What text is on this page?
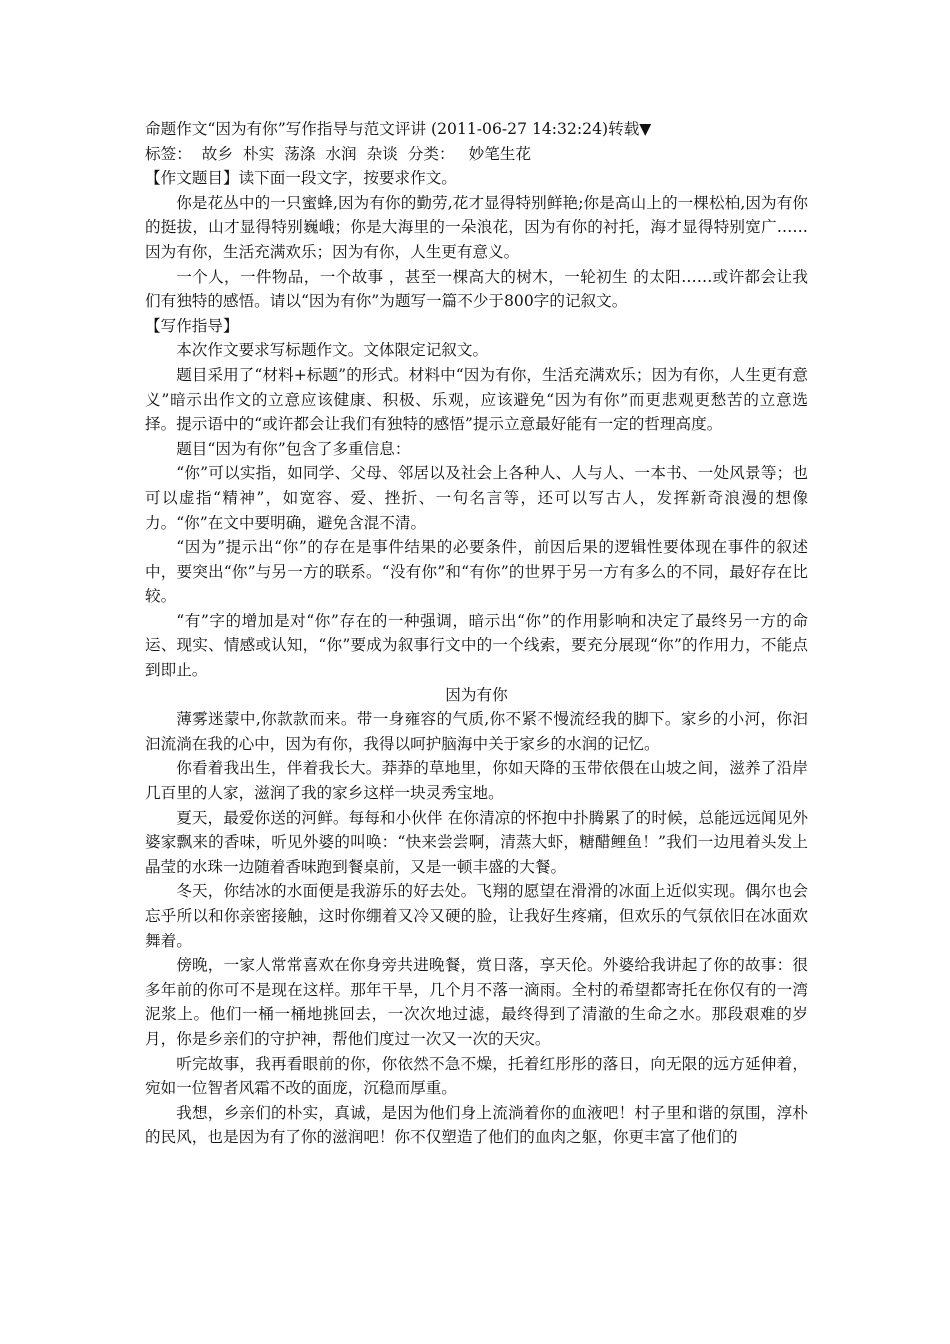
命题作文“因为有你”写作指导与范文评讲 (2011-06-27 14:32:24)转载▼

标签： 故乡 朴实 荡涤 水润 杂谈 分类： 妙笔生花

【作文题目】读下面一段文字，按要求作文。

你是花丛中的一只蜜蜂,因为有你的勤劳,花才显得特别鲜艳;你是高山上的一棵松柏,因为有你的挺拔，山才显得特别巍峨；你是大海里的一朵浪花，因为有你的衬托，海才显得特别宽广……因为有你，生活充满欢乐；因为有你，人生更有意义。

一个人，一件物品，一个故事 ，甚至一棵高大的树木，一轮初生 的太阳……或许都会让我们有独特的感悟。请以“因为有你”为题写一篇不少于800字的记叙文。

【写作指导】

本次作文要求写标题作文。文体限定记叙文。

题目采用了“材料+标题”的形式。材料中“因为有你，生活充满欢乐；因为有你，人生更有意义”暗示出作文的立意应该健康、积极、乐观，应该避免“因为有你”而更悲观更愁苦的立意选择。提示语中的“或许都会让我们有独特的感悟”提示立意最好能有一定的哲理高度。

题目“因为有你”包含了多重信息：

“你”可以实指，如同学、父母、邻居以及社会上各种人、人与人、一本书、一处风景等；也可以虚指“精神”，如宽容、爱、挫折、一句名言等，还可以写古人，发挥新奇浪漫的想像力。“你”在文中要明确，避免含混不清。

“因为”提示出“你”的存在是事件结果的必要条件，前因后果的逻辑性要体现在事件的叙述中，要突出“你”与另一方的联系。“没有你”和“有你”的世界于另一方有多么的不同，最好存在比较。

“有”字的增加是对“你”存在的一种强调，暗示出“你”的作用影响和决定了最终另一方的命运、现实、情感或认知，“你”要成为叙事行文中的一个线索，要充分展现“你”的作用力，不能点到即止。

因为有你

薄雾迷蒙中,你款款而来。带一身雍容的气质,你不紧不慢流经我的脚下。家乡的小河，你汩汩流淌在我的心中，因为有你，我得以呵护脑海中关于家乡的水润的记忆。

你看着我出生，伴着我长大。莽莽的草地里，你如天降的玉带依偎在山坡之间，滋养了沿岸几百里的人家，滋润了我的家乡这样一块灵秀宝地。

夏天，最爱你送的河鲜。每每和小伙伴 在你清凉的怀抱中扑腾累了的时候，总能远远闻见外婆家飘来的香味，听见外婆的叫唤：“快来尝尝啊，清蒸大虾，糖醋鲤鱼！”我们一边甩着头发上晶莹的水珠一边随着香味跑到餐桌前，又是一顿丰盛的大餐。

冬天，你结冰的水面便是我游乐的好去处。飞翔的愿望在滑滑的冰面上近似实现。偶尔也会忘乎所以和你亲密接触，这时你绷着又冷又硬的脸，让我好生疼痛，但欢乐的气氛依旧在冰面欢舞着。

傍晚，一家人常常喜欢在你身旁共进晚餐，赏日落，享天伦。外婆给我讲起了你的故事：很多年前的你可不是现在这样。那年干旱，几个月不落一滴雨。全村的希望都寄托在你仅有的一湾泥浆上。他们一桶一桶地挑回去，一次次地过滤，最终得到了清澈的生命之水。那段艰难的岁月，你是乡亲们的守护神，帮他们度过一次又一次的天灾。

听完故事，我再看眼前的你，你依然不急不燥，托着红彤彤的落日，向无限的远方延伸着，宛如一位智者风霜不改的面庞，沉稳而厚重。

我想，乡亲们的朴实，真诚，是因为他们身上流淌着你的血液吧！村子里和谐的氛围，淳朴的民风，也是因为有了你的滋润吧！你不仅塑造了他们的血肉之躯，你更丰富了他们的
